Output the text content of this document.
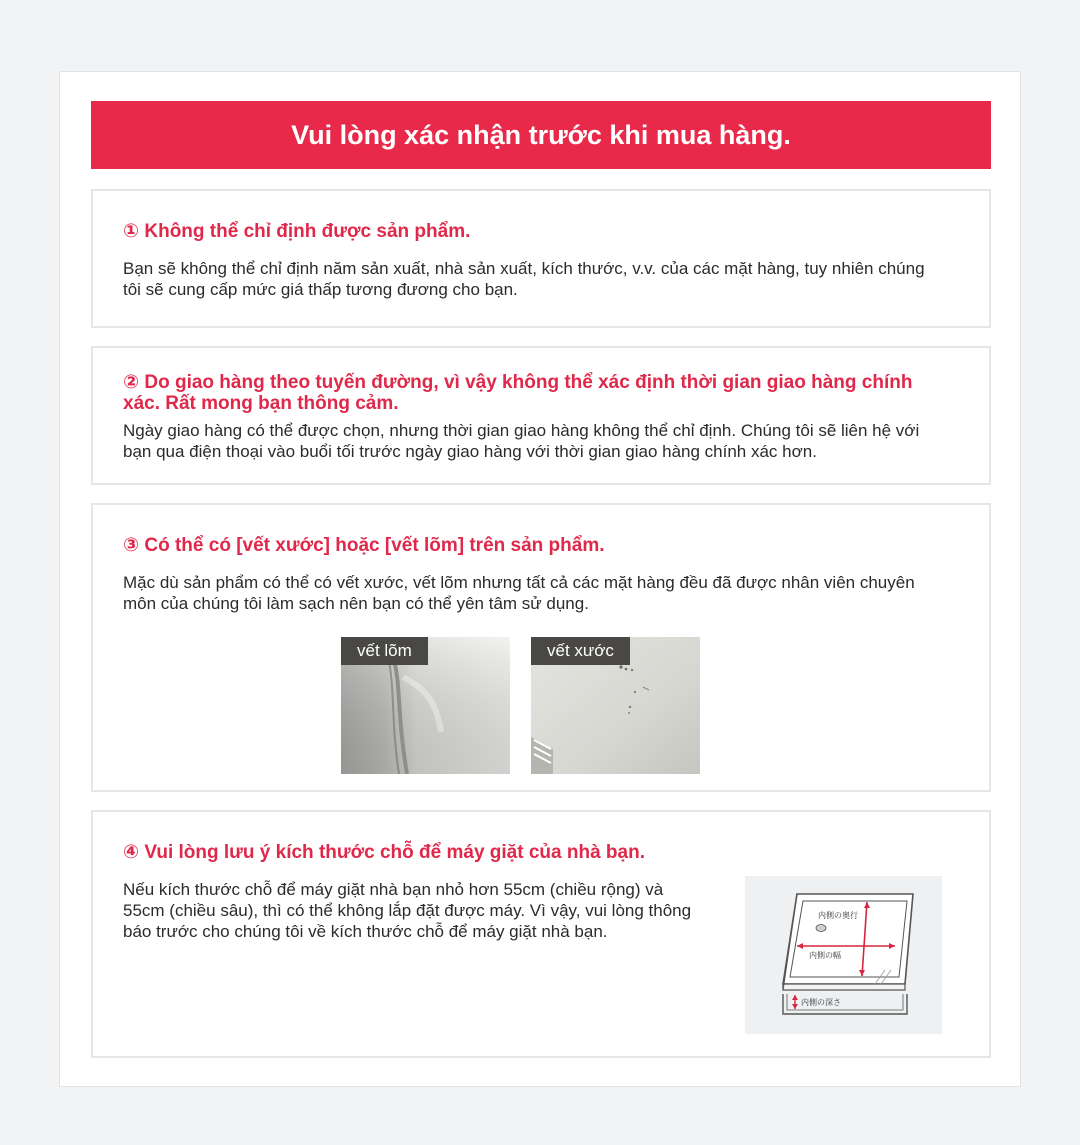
Vui lòng xác nhận trước khi mua hàng.
① Không thể chỉ định được sản phẩm.

Bạn sẽ không thể chỉ định năm sản xuất, nhà sản xuất, kích thước, v.v. của các mặt hàng, tuy nhiên chúng tôi sẽ cung cấp mức giá thấp tương đương cho bạn.

② Do giao hàng theo tuyến đường, vì vậy không thể xác định thời gian giao hàng chính xác. Rất mong bạn thông cảm.

Ngày giao hàng có thể được chọn, nhưng thời gian giao hàng không thể chỉ định. Chúng tôi sẽ liên hệ với bạn qua điện thoại vào buổi tối trước ngày giao hàng với thời gian giao hàng chính xác hơn.

③ Có thể có [vết xước] hoặc [vết lõm] trên sản phẩm.

Mặc dù sản phẩm có thể có vết xước, vết lõm nhưng tất cả các mặt hàng đều đã được nhân viên chuyên môn của chúng tôi làm sạch nên bạn có thể yên tâm sử dụng.

vết lõm	vết xước
④ Vui lòng lưu ý kích thước chỗ để máy giặt của nhà bạn.

Nếu kích thước chỗ để máy giặt nhà bạn nhỏ hơn 55cm (chiều rộng) và 55cm (chiều sâu), thì có thể không lắp đặt được máy. Vì vậy, vui lòng thông báo trước cho chúng tôi về kích thước chỗ để máy giặt nhà bạn.

内側の奥行
内側の幅
内側の深さ
